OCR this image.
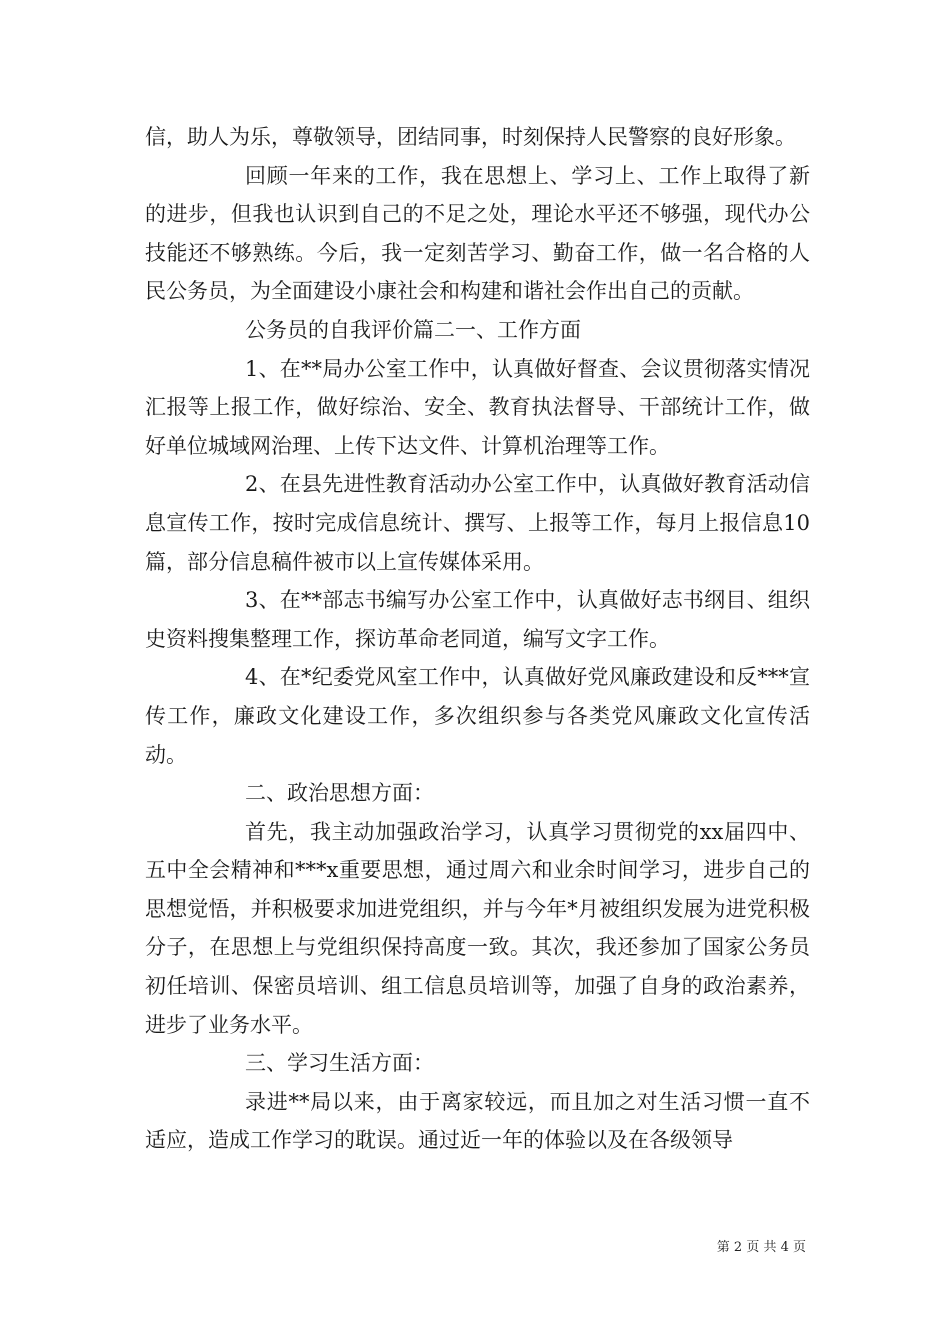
信，助人为乐，尊敬领导，团结同事，时刻保持人民警察的良好形象。

回顾一年来的工作，我在思想上、学习上、工作上取得了新的进步，但我也认识到自己的不足之处，理论水平还不够强，现代办公技能还不够熟练。今后，我一定刻苦学习、勤奋工作，做一名合格的人民公务员，为全面建设小康社会和构建和谐社会作出自己的贡献。

公务员的自我评价篇二一、工作方面

1、在**局办公室工作中，认真做好督查、会议贯彻落实情况汇报等上报工作，做好综治、安全、教育执法督导、干部统计工作，做好单位城域网治理、上传下达文件、计算机治理等工作。

2、在县先进性教育活动办公室工作中，认真做好教育活动信息宣传工作，按时完成信息统计、撰写、上报等工作，每月上报信息10篇，部分信息稿件被市以上宣传媒体采用。

3、在**部志书编写办公室工作中，认真做好志书纲目、组织史资料搜集整理工作，探访革命老同道，编写文字工作。

4、在*纪委党风室工作中，认真做好党风廉政建设和反***宣传工作，廉政文化建设工作，多次组织参与各类党风廉政文化宣传活动。

二、政治思想方面：

首先，我主动加强政治学习，认真学习贯彻党的xx届四中、五中全会精神和***x重要思想，通过周六和业余时间学习，进步自己的思想觉悟，并积极要求加进党组织，并与今年*月被组织发展为进党积极分子，在思想上与党组织保持高度一致。其次，我还参加了国家公务员初任培训、保密员培训、组工信息员培训等，加强了自身的政治素养，进步了业务水平。

三、学习生活方面：

录进**局以来，由于离家较远，而且加之对生活习惯一直不适应，造成工作学习的耽误。通过近一年的体验以及在各级领导

第 2 页 共 4 页
